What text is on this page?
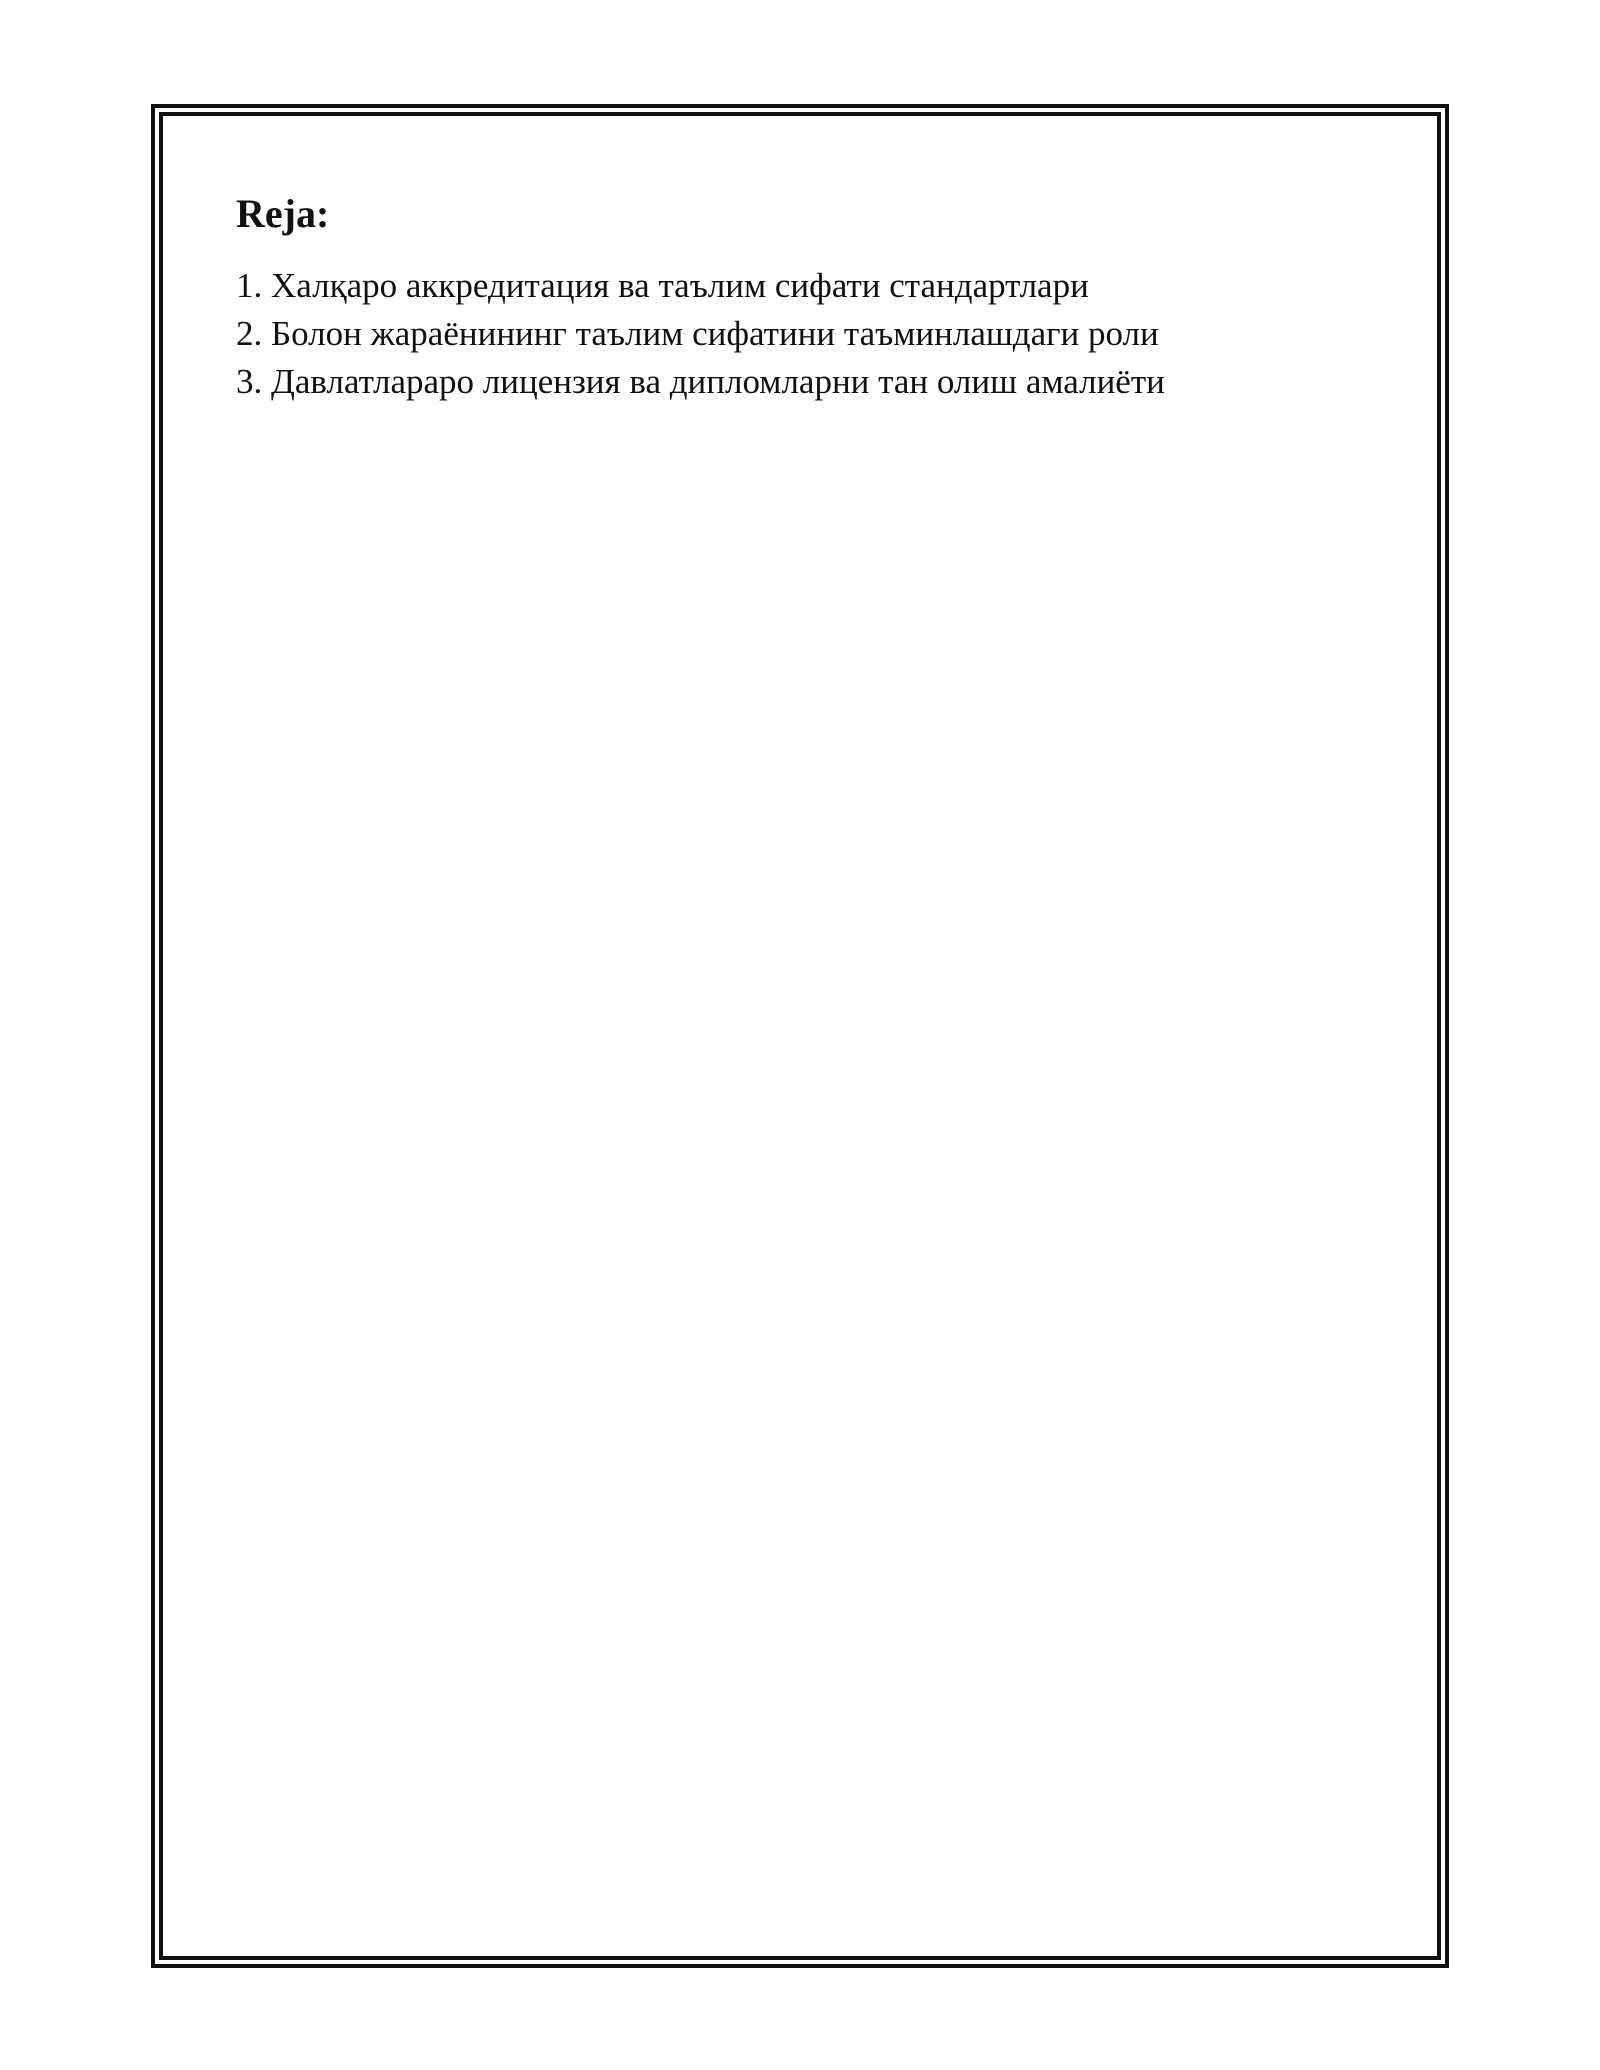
Reja:
1. Халқаро аккредитация ва таълим сифати стандартлари
2. Болон жараёнининг таълим сифатини таъминлашдаги роли
3. Давлатлараро лицензия ва дипломларни тан олиш амалиёти
